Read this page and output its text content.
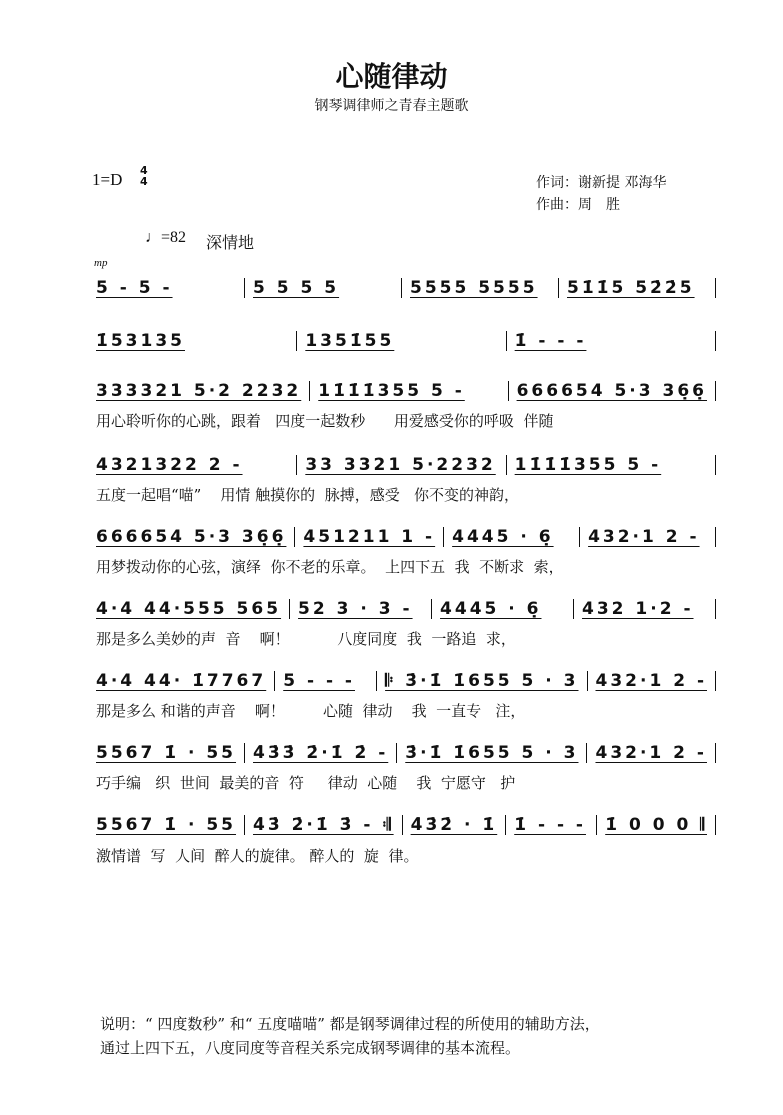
心随律动
钢琴调律师之青春主题歌
1=D 4
4	作词：谢新提 邓海华
作曲：周　胜
♩=82 深情地
mp
5 - 5 -	5 5 5 5	5555 5555	51̇1̇5 52̇2̇5
1̇53135	1351̇55	1̇ - - -
333321 5·2 2232	11̇1̇1̇355 5 -	666654 5·3 36̣6̣
用心聆听你的心跳，跟着   四度一起数秒      用爱感受你的呼吸  伴随
4321322 2 -	33 3321 5·2232	11̇1̇1̇355 5 -
五度一起唱“喵”    用情 触摸你的  脉搏，感受   你不变的神韵，
666654 5·3 36̣6̣	451211 1 -	4445 · 6̣	432·1 2 -
用梦拨动你的心弦，演绎  你不老的乐章。  上四下五  我  不断求  索，
4·4 44·555 565	52 3 · 3 -	4445 · 6̣	432 1·2 -
那是多么美妙的声  音    啊！          八度同度  我  一路追  求，
4·4 44· 1̇7767	5 - - -	𝄆 3̇·1̇ 1̇655 5 · 3	432·1 2 -
那是多么 和谐的声音    啊！        心随  律动    我  一直专   注，
5567 1̇ · 55	4̇3̇3̇ 2̇·1̇ 2̇ -	3̇·1̇ 1̇655 5 · 3	432·1 2 -
巧手编   织  世间  最美的音  符     律动  心随    我  宁愿守   护
5567 1̇ · 55	4̇3̇ 2̇·1̇ 3̇ - 𝄇	4̇3̇2̇ · 1̇	1̇ - - -	1̇ 0 0 0 𝄂
激情谱  写  人间  醉人的旋律。 醉人的  旋  律。
说明：“ 四度数秒” 和“ 五度喵喵” 都是钢琴调律过程的所使用的辅助方法，
通过上四下五，八度同度等音程关系完成钢琴调律的基本流程。
